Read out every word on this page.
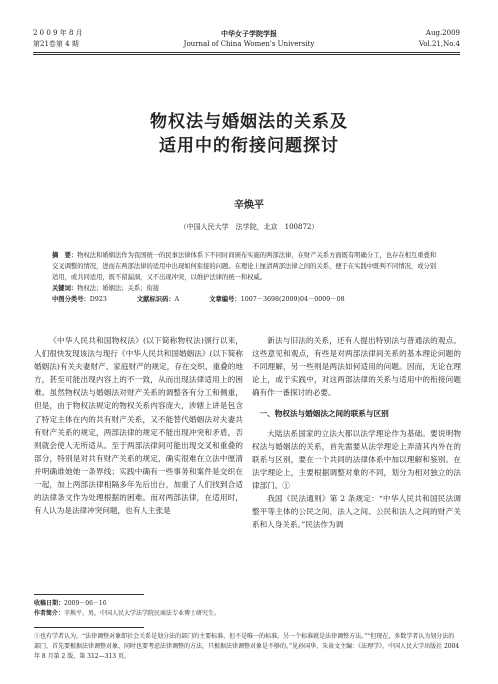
2 0 0 9 年 8 月
第21卷第 4 期
中华女子学院学报
Journal of China Women's University
Aug.2009
Vol.21,No.4
物权法与婚姻法的关系及
适用中的衔接问题探讨
辛焕平
（中国人民大学　法学院，北京　100872）
摘　要：物权法和婚姻法作为我国统一的民事法律体系下不同时间颁布实施的两部法律，在财产关系方面既有明确分工，也存在相互重叠和交叉调整的情况，进而在两部法律的适用中出现如何衔接的问题。在理论上厘清两部法律之间的关系，便于在实践中既判不同情况，或分别适用，或共同适用，既不留漏洞，又不出现冲突，以维护法律的统一和权威。
关键词：物权法；婚姻法；关系；衔接
中图分类号：D923	文献标识码：A	文章编号：1007－3698(2009)04－0009－08

《中华人民共和国物权法》(以下简称物权法)颁行以来，人们很快发现该法与现行《中华人民共和国婚姻法》(以下简称婚姻法)有关夫妻财产、家庭财产的规定，存在交织、重叠的地方，甚至可能出现内容上的不一致，从而出现法律适用上的困难。虽然物权法与婚姻法对财产关系的调整各有分工和侧重，但是，由于物权法规定的物权关系内容庞大，涉辖上讲是包含了特定主体在内的共有财产关系，又不能替代婚姻法对夫妻共有财产关系的规定，两部法律的规定不能出现冲突和矛盾，否则就会使人无所适从。至于两部法律间可能出现交叉和重叠的部分，特别是对共有财产关系的规定，确实很难在立法中厘清并明确谁她她一条界线；实践中确有一些事务和案件是交织在一起，加上两部法律相隔多年先后出台，加重了人们找到合适的法律条文作为处理根据的困难。而对两部法律，在适用时，有人认为是法律冲突问题，也有人主张是

新法与旧法的关系，还有人提出特别法与普通法的观点。这些意见和观点，有些是对两部法律间关系的基本理论问题的不同理解，另一些则是两法如何适用的问题。因而，无论在理论上，或于实践中，对这两部法律的关系与适用中的衔接问题确有作一番探讨的必要。

一、物权法与婚姻法之间的联系与区别

大陆法系国家的立法大都以法学理论作为基础。要说明物权法与婚姻法的关系，首先需要从法学理论上弄清其内外在的联系与区别，要在一个共同的法律体系中加以理解和鉴别。在法学理论上，主要根据调整对象的不同，划分为相对独立的法律部门。①

我国《民法通则》第 2 条规定：“中华人民共和国民法调整平等主体的公民之间、法人之间、公民和法人之间的财产关系和人身关系。”民法作为调

收稿日期：2009－06－16

作者简介：辛焕平，男，中国人民大学法学院民商法专业博士研究生。

①也有学者认为，“法律调整对象即社会关系是划分法的部门的主要标准，但不是唯一的标准。另一个标准就是法律调整方法。”“但现在，多数学者认为划分法的部门，首先要根据法律调整对象，同时也要考虑法律调整的方法，只根据法律调整对象是不够的。”见孙国华、朱景文主编：《法理学》，中国人民大学出版社 2004 年 8 月第 2 版，第 312—313 页。
